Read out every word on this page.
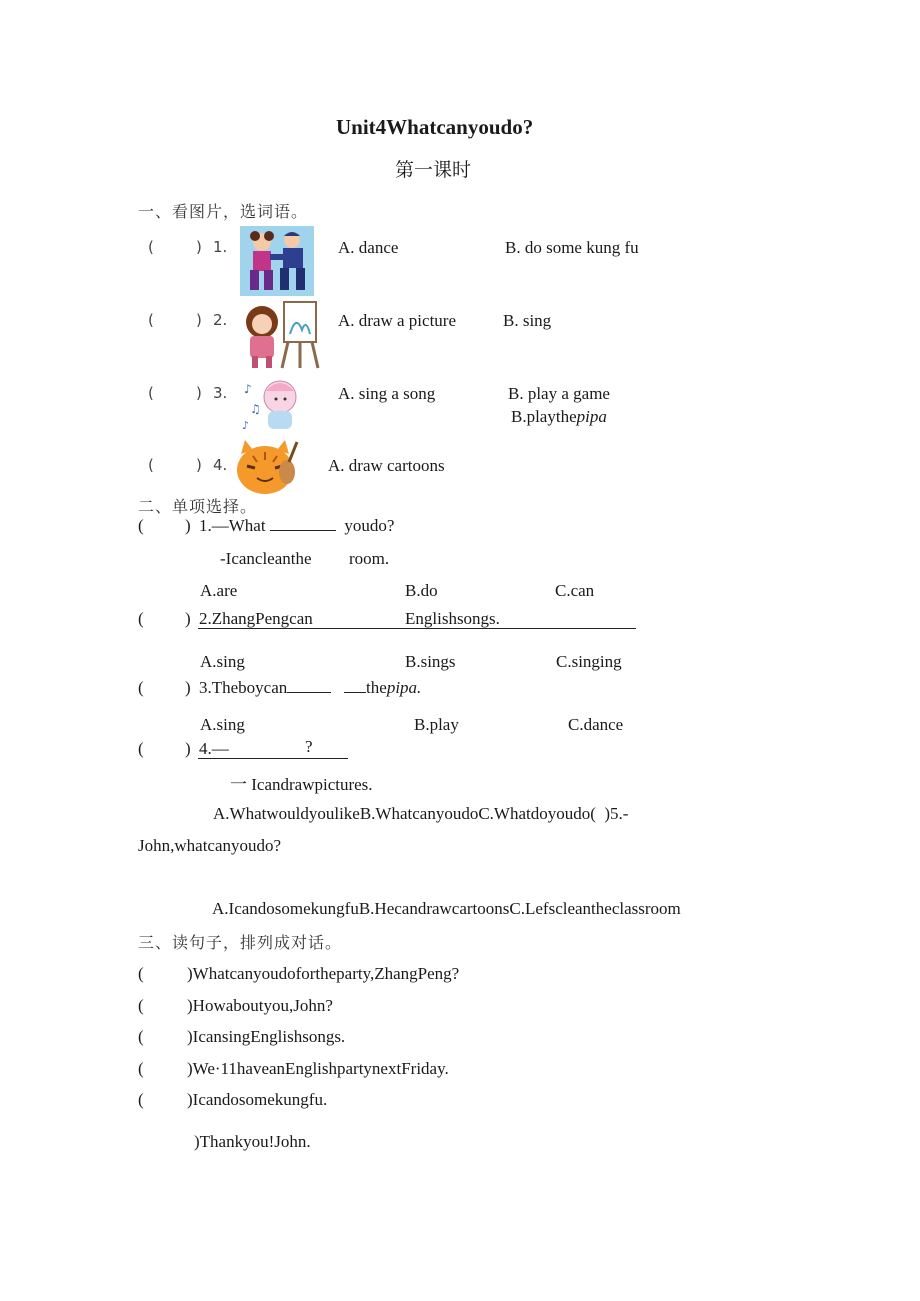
Unit4Whatcanyoudo?
第一课时
一、看图片，选词语。
(	) 1.	A. dance	B. do some kung fu
(	) 2.	A. draw a picture	B. sing
(	) 3. ♪
♫
♪
A. sing a song	B. play a game
B.playthepipa
(	) 4.	A. draw cartoons
二、单项选择。
( ) 1.—What	youdo?
-Icancleanthe room.
A.are	B.do	C.can
( ) 2.ZhangPengcan	Englishsongs.
A.sing	B.sings	C.singing
( ) 3.Theboycan	thepipa.
A.sing	B.play	C.dance
( ) 4.—	?
一 Icandrawpictures.
A.WhatwouldyoulikeB.WhatcanyoudoC.Whatdoyoudo(  )5.-
John,whatcanyoudo?
A.IcandosomekungfuB.HecandrawcartoonsC.Lefscleantheclassroom
三、读句子，排列成对话。
(	)Whatcanyoudofortheparty,ZhangPeng?
(	)Howaboutyou,John?
(	)IcansingEnglishsongs.
(	)We·11haveanEnglishpartynextFriday.
(	)Icandosomekungfu.
)Thankyou!John.
